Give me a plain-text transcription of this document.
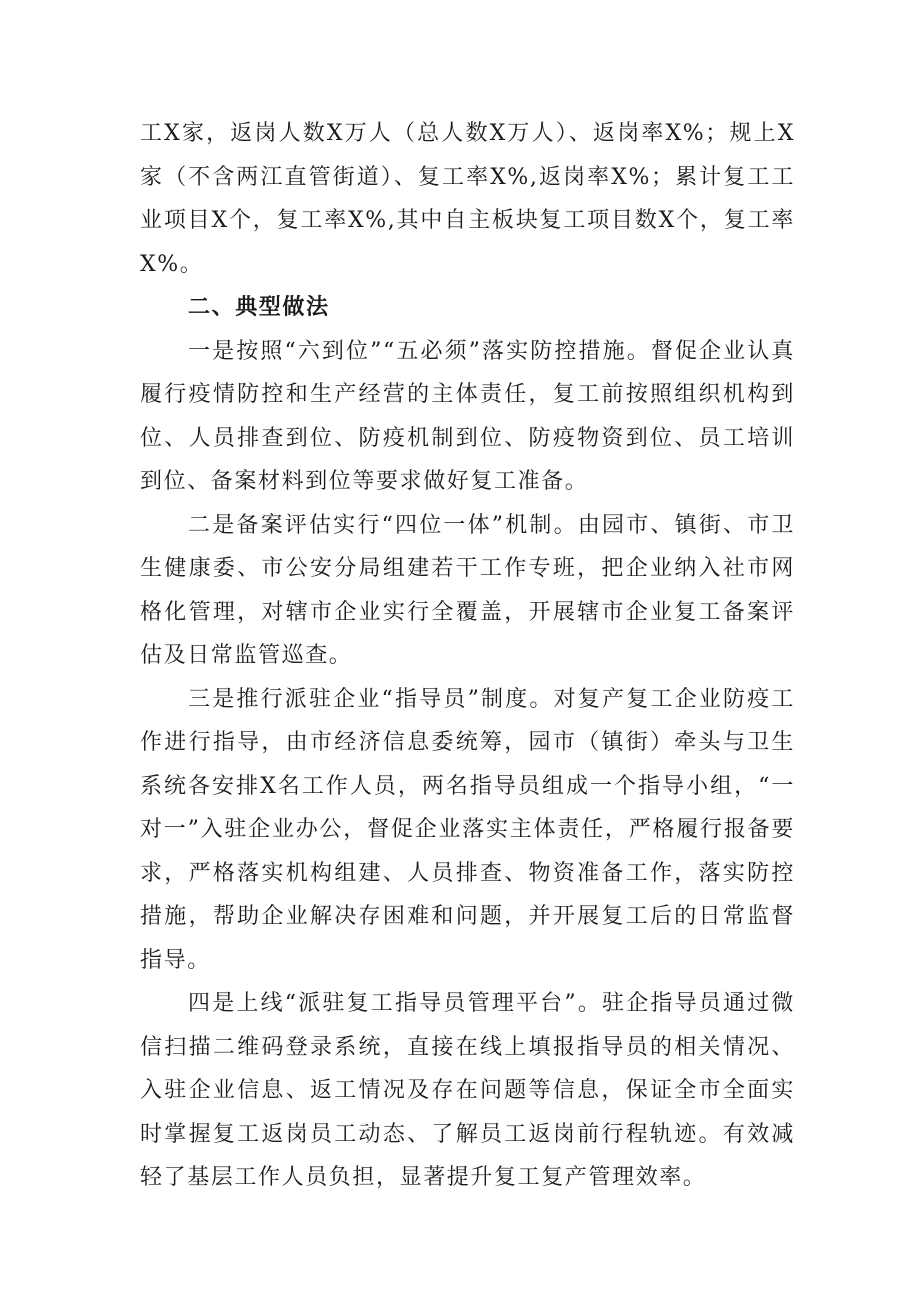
工X家，返岗人数X万人（总人数X万人）、返岗率X%；规上X家（不含两江直管街道）、复工率X%,返岗率X%；累计复工工业项目X个，复工率X%,其中自主板块复工项目数X个，复工率X%。

二、典型做法

一是按照“六到位”“五必须”落实防控措施。督促企业认真履行疫情防控和生产经营的主体责任，复工前按照组织机构到位、人员排查到位、防疫机制到位、防疫物资到位、员工培训到位、备案材料到位等要求做好复工准备。

二是备案评估实行“四位一体”机制。由园市、镇街、市卫生健康委、市公安分局组建若干工作专班，把企业纳入社市网格化管理，对辖市企业实行全覆盖，开展辖市企业复工备案评估及日常监管巡查。

三是推行派驻企业“指导员”制度。对复产复工企业防疫工作进行指导，由市经济信息委统筹，园市（镇街）牵头与卫生系统各安排X名工作人员，两名指导员组成一个指导小组，“一对一”入驻企业办公，督促企业落实主体责任，严格履行报备要求，严格落实机构组建、人员排查、物资准备工作，落实防控措施，帮助企业解决存困难和问题，并开展复工后的日常监督指导。

四是上线“派驻复工指导员管理平台”。驻企指导员通过微信扫描二维码登录系统，直接在线上填报指导员的相关情况、入驻企业信息、返工情况及存在问题等信息，保证全市全面实时掌握复工返岗员工动态、了解员工返岗前行程轨迹。有效减轻了基层工作人员负担，显著提升复工复产管理效率。
